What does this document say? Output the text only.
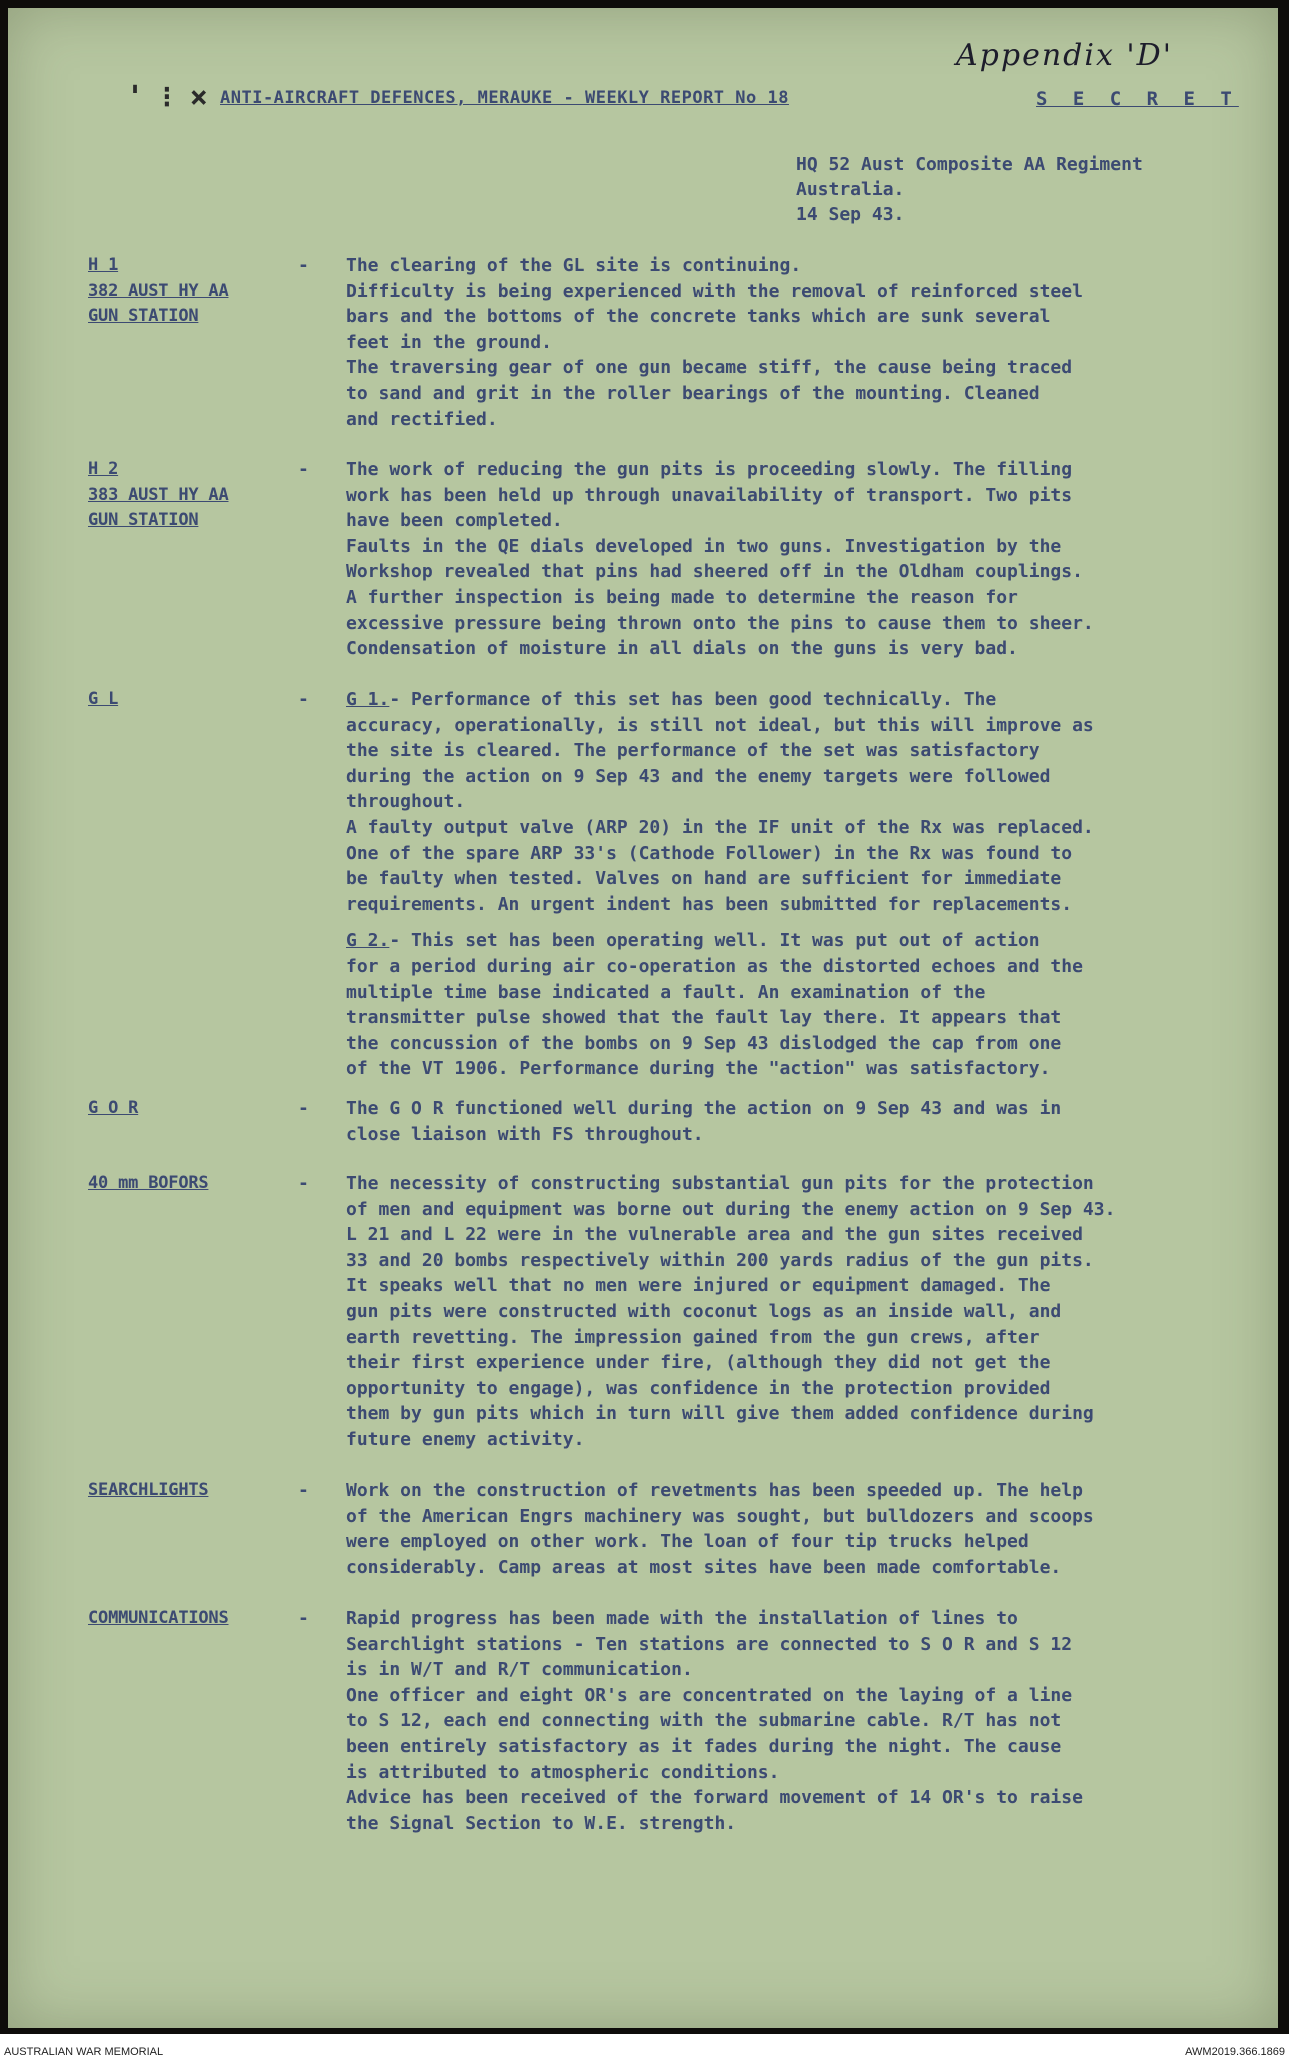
Appendix 'D'
' ⁝ × ANTI-AIRCRAFT DEFENCES, MERAUKE - WEEKLY REPORT No 18	S E C R E T
HQ 52 Aust Composite AA Regiment
Australia.
14 Sep 43.
H 1
382 AUST HY AA
GUN STATION
- The clearing of the GL site is continuing.
Difficulty is being experienced with the removal of reinforced steel
bars and the bottoms of the concrete tanks which are sunk several
feet in the ground.
The traversing gear of one gun became stiff, the cause being traced
to sand and grit in the roller bearings of the mounting. Cleaned
and rectified.
H 2
383 AUST HY AA
GUN STATION
- The work of reducing the gun pits is proceeding slowly. The filling
work has been held up through unavailability of transport. Two pits
have been completed.
Faults in the QE dials developed in two guns. Investigation by the
Workshop revealed that pins had sheered off in the Oldham couplings.
A further inspection is being made to determine the reason for
excessive pressure being thrown onto the pins to cause them to sheer.
Condensation of moisture in all dials on the guns is very bad.
G L	- G 1.- Performance of this set has been good technically. The
accuracy, operationally, is still not ideal, but this will improve as
the site is cleared. The performance of the set was satisfactory
during the action on 9 Sep 43 and the enemy targets were followed
throughout.
A faulty output valve (ARP 20) in the IF unit of the Rx was replaced.
One of the spare ARP 33's (Cathode Follower) in the Rx was found to
be faulty when tested. Valves on hand are sufficient for immediate
requirements. An urgent indent has been submitted for replacements.
G 2.- This set has been operating well. It was put out of action
for a period during air co-operation as the distorted echoes and the
multiple time base indicated a fault. An examination of the
transmitter pulse showed that the fault lay there. It appears that
the concussion of the bombs on 9 Sep 43 dislodged the cap from one
of the VT 1906. Performance during the "action" was satisfactory.
G O R	- The G O R functioned well during the action on 9 Sep 43 and was in
close liaison with FS throughout.
40 mm BOFORS	- The necessity of constructing substantial gun pits for the protection
of men and equipment was borne out during the enemy action on 9 Sep 43.
L 21 and L 22 were in the vulnerable area and the gun sites received
33 and 20 bombs respectively within 200 yards radius of the gun pits.
It speaks well that no men were injured or equipment damaged. The
gun pits were constructed with coconut logs as an inside wall, and
earth revetting. The impression gained from the gun crews, after
their first experience under fire, (although they did not get the
opportunity to engage), was confidence in the protection provided
them by gun pits which in turn will give them added confidence during
future enemy activity.
SEARCHLIGHTS	- Work on the construction of revetments has been speeded up. The help
of the American Engrs machinery was sought, but bulldozers and scoops
were employed on other work. The loan of four tip trucks helped
considerably. Camp areas at most sites have been made comfortable.
COMMUNICATIONS	- Rapid progress has been made with the installation of lines to
Searchlight stations - Ten stations are connected to S O R and S 12
is in W/T and R/T communication.
One officer and eight OR's are concentrated on the laying of a line
to S 12, each end connecting with the submarine cable. R/T has not
been entirely satisfactory as it fades during the night. The cause
is attributed to atmospheric conditions.
Advice has been received of the forward movement of 14 OR's to raise
the Signal Section to W.E. strength.
AUSTRALIAN WAR MEMORIAL	AWM2019.366.1869
